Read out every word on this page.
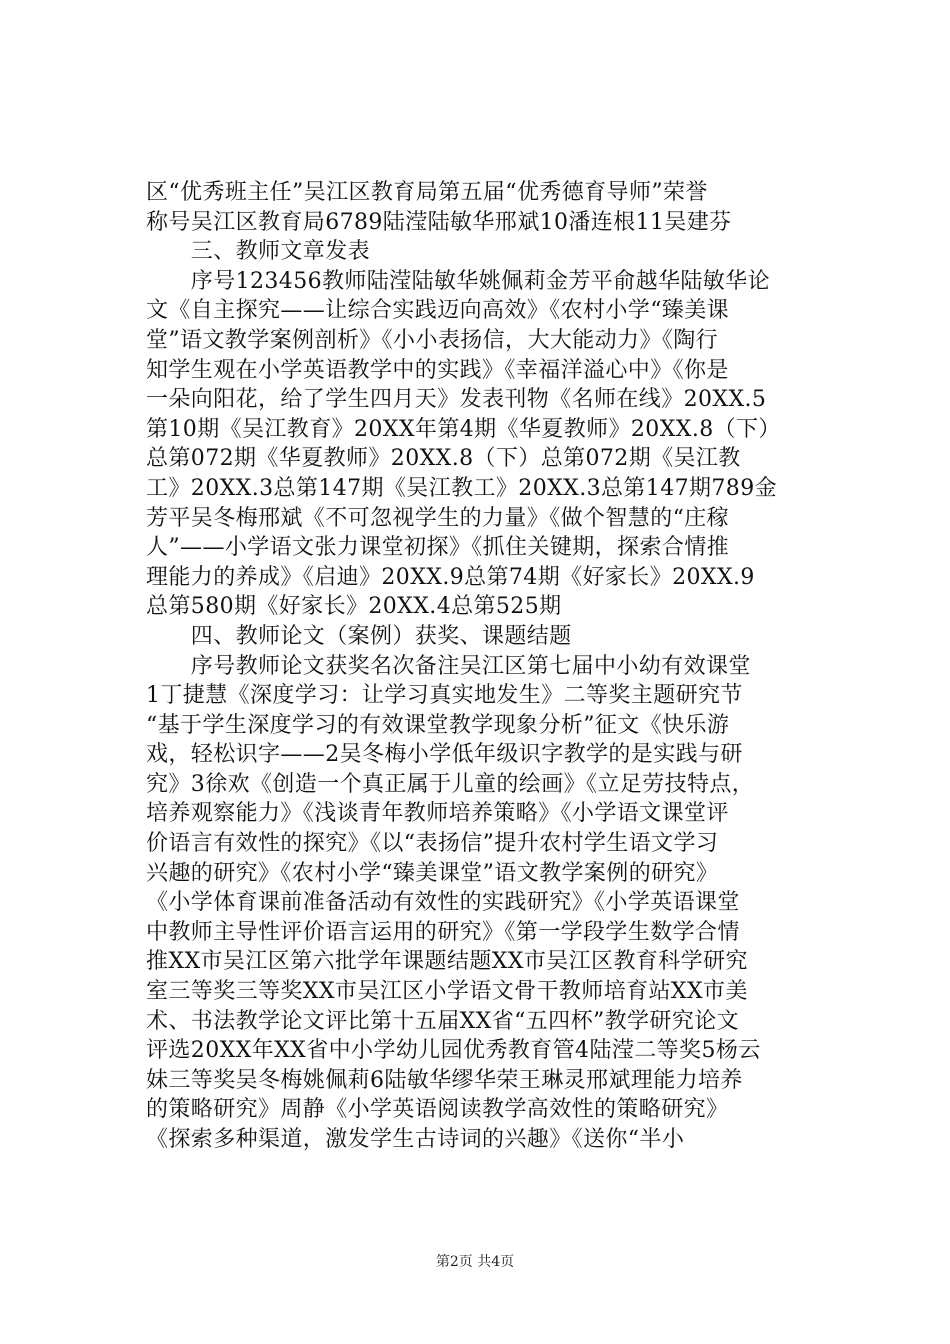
区“优秀班主任”吴江区教育局第五届“优秀德育导师”荣誉
称号吴江区教育局6789陆滢陆敏华邢斌10潘连根11吴建芬
　　三、教师文章发表
　　序号123456教师陆滢陆敏华姚佩莉金芳平俞越华陆敏华论
文《自主探究——让综合实践迈向高效》《农村小学“臻美课
堂”语文教学案例剖析》《小小表扬信，大大能动力》《陶行
知学生观在小学英语教学中的实践》《幸福洋溢心中》《你是
一朵向阳花，给了学生四月天》发表刊物《名师在线》20XX.5
第10期《吴江教育》20XX年第4期《华夏教师》20XX.8（下）
总第072期《华夏教师》20XX.8（下）总第072期《吴江教
工》20XX.3总第147期《吴江教工》20XX.3总第147期789金
芳平吴冬梅邢斌《不可忽视学生的力量》《做个智慧的“庄稼
人”——小学语文张力课堂初探》《抓住关键期，探索合情推
理能力的养成》《启迪》20XX.9总第74期《好家长》20XX.9
总第580期《好家长》20XX.4总第525期
　　四、教师论文（案例）获奖、课题结题
　　序号教师论文获奖名次备注吴江区第七届中小幼有效课堂
1丁捷慧《深度学习：让学习真实地发生》二等奖主题研究节
“基于学生深度学习的有效课堂教学现象分析”征文《快乐游
戏，轻松识字——2吴冬梅小学低年级识字教学的是实践与研
究》3徐欢《创造一个真正属于儿童的绘画》《立足劳技特点，
培养观察能力》《浅谈青年教师培养策略》《小学语文课堂评
价语言有效性的探究》《以“表扬信”提升农村学生语文学习
兴趣的研究》《农村小学“臻美课堂”语文教学案例的研究》
《小学体育课前准备活动有效性的实践研究》《小学英语课堂
中教师主导性评价语言运用的研究》《第一学段学生数学合情
推XX市吴江区第六批学年课题结题XX市吴江区教育科学研究
室三等奖三等奖XX市吴江区小学语文骨干教师培育站XX市美
术、书法教学论文评比第十五届XX省“五四杯”教学研究论文
评选20XX年XX省中小学幼儿园优秀教育管4陆滢二等奖5杨云
妹三等奖吴冬梅姚佩莉6陆敏华缪华荣王琳灵邢斌理能力培养
的策略研究》周静《小学英语阅读教学高效性的策略研究》
《探索多种渠道，激发学生古诗词的兴趣》《送你“半小
第2页 共4页
